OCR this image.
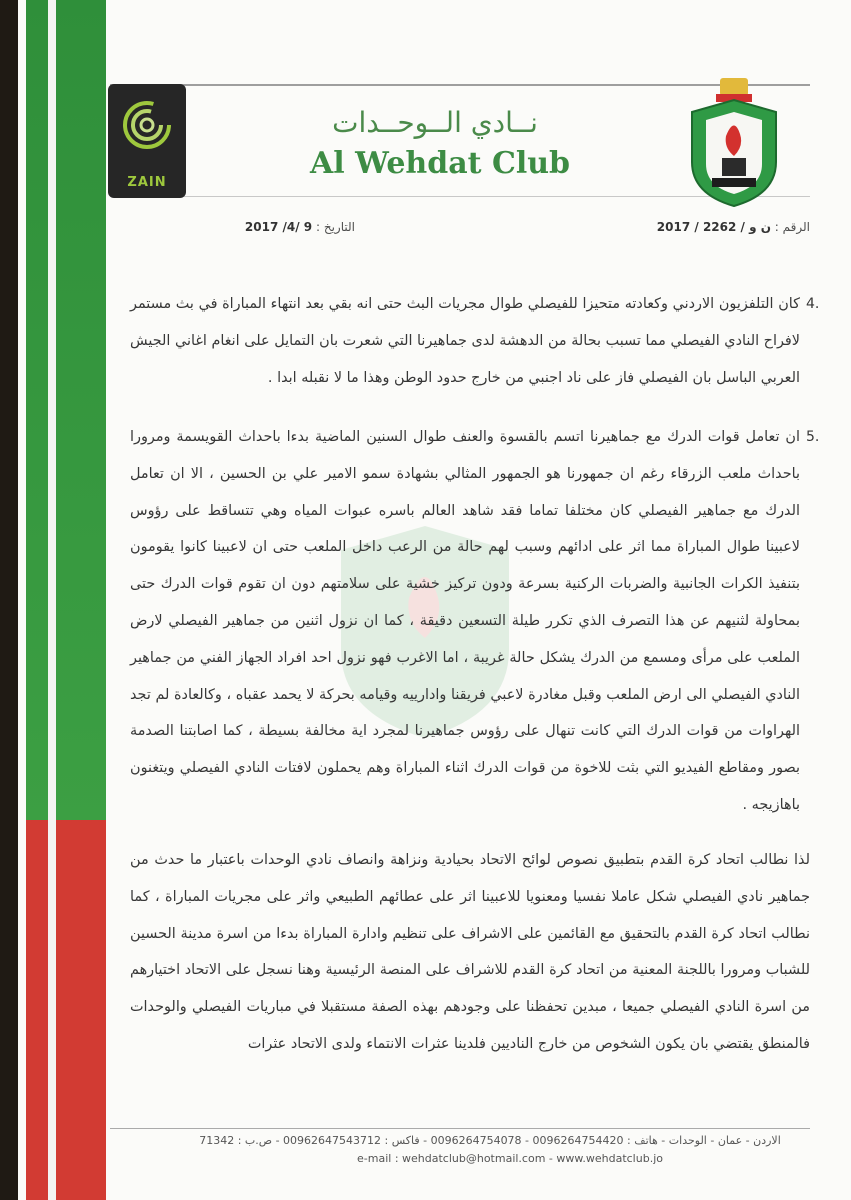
ZAIN
نــادي الــوحــدات
Al Wehdat Club
الرقم : ن و / 2262 / 2017
التاريخ : 9 /4/ 2017
4.
كان التلفزيون الاردني وكعادته متحيزا للفيصلي طوال مجريات البث حتى انه بقي بعد انتهاء المباراة في بث مستمر لافراح النادي الفيصلي مما تسبب بحالة من الدهشة لدى جماهيرنا التي شعرت بان التمايل على انغام اغاني الجيش العربي الباسل بان الفيصلي فاز على ناد اجنبي من خارج حدود الوطن وهذا ما لا نقبله ابدا .
5.
ان تعامل قوات الدرك مع جماهيرنا اتسم بالقسوة والعنف طوال السنين الماضية بدءا باحداث القويسمة ومرورا باحداث ملعب الزرقاء رغم ان جمهورنا هو الجمهور المثالي بشهادة سمو الامير علي بن الحسين ، الا ان تعامل الدرك مع جماهير الفيصلي كان مختلفا تماما فقد شاهد العالم باسره عبوات المياه وهي تتساقط على رؤوس لاعبينا طوال المباراة مما اثر على ادائهم وسبب لهم حالة من الرعب داخل الملعب حتى ان لاعبينا كانوا يقومون بتنفيذ الكرات الجانبية والضربات الركنية بسرعة ودون تركيز خشية على سلامتهم دون ان تقوم قوات الدرك حتى بمحاولة لثنيهم عن هذا التصرف الذي تكرر طيلة التسعين دقيقة ، كما ان نزول اثنين من جماهير الفيصلي لارض الملعب على مرأى ومسمع من الدرك يشكل حالة غريبة ، اما الاغرب فهو نزول احد افراد الجهاز الفني من جماهير النادي الفيصلي الى ارض الملعب وقبل مغادرة لاعبي فريقنا وادارييه وقيامه بحركة لا يحمد عقباه ، وكالعادة لم تجد الهراوات من قوات الدرك التي كانت تنهال على رؤوس جماهيرنا لمجرد اية مخالفة بسيطة ، كما اصابتنا الصدمة بصور ومقاطع الفيديو التي بثت للاخوة من قوات الدرك اثناء المباراة وهم يحملون لافتات النادي الفيصلي ويتغنون باهازيجه .
لذا نطالب اتحاد كرة القدم بتطبيق نصوص لوائح الاتحاد بحيادية ونزاهة وانصاف نادي الوحدات باعتبار ما حدث من جماهير نادي الفيصلي شكل عاملا نفسيا ومعنويا للاعبينا اثر على عطائهم الطبيعي واثر على مجريات المباراة ، كما نطالب اتحاد كرة القدم بالتحقيق مع القائمين على الاشراف على تنظيم وادارة المباراة بدءا من اسرة مدينة الحسين للشباب ومرورا باللجنة المعنية من اتحاد كرة القدم للاشراف على المنصة الرئيسية وهنا نسجل على الاتحاد اختيارهم من اسرة النادي الفيصلي جميعا ، مبدين تحفظنا على وجودهم بهذه الصفة مستقبلا في مباريات الفيصلي والوحدات فالمنطق يقتضي بان يكون الشخوص من خارج الناديين فلدينا عثرات الانتماء ولدى الاتحاد عثرات
الاردن - عمان - الوحدات - هاتف : 0096264754420 - 0096264754078 - فاكس : 00962647543712 - ص.ب : 71342
e-mail : wehdatclub@hotmail.com - www.wehdatclub.jo
